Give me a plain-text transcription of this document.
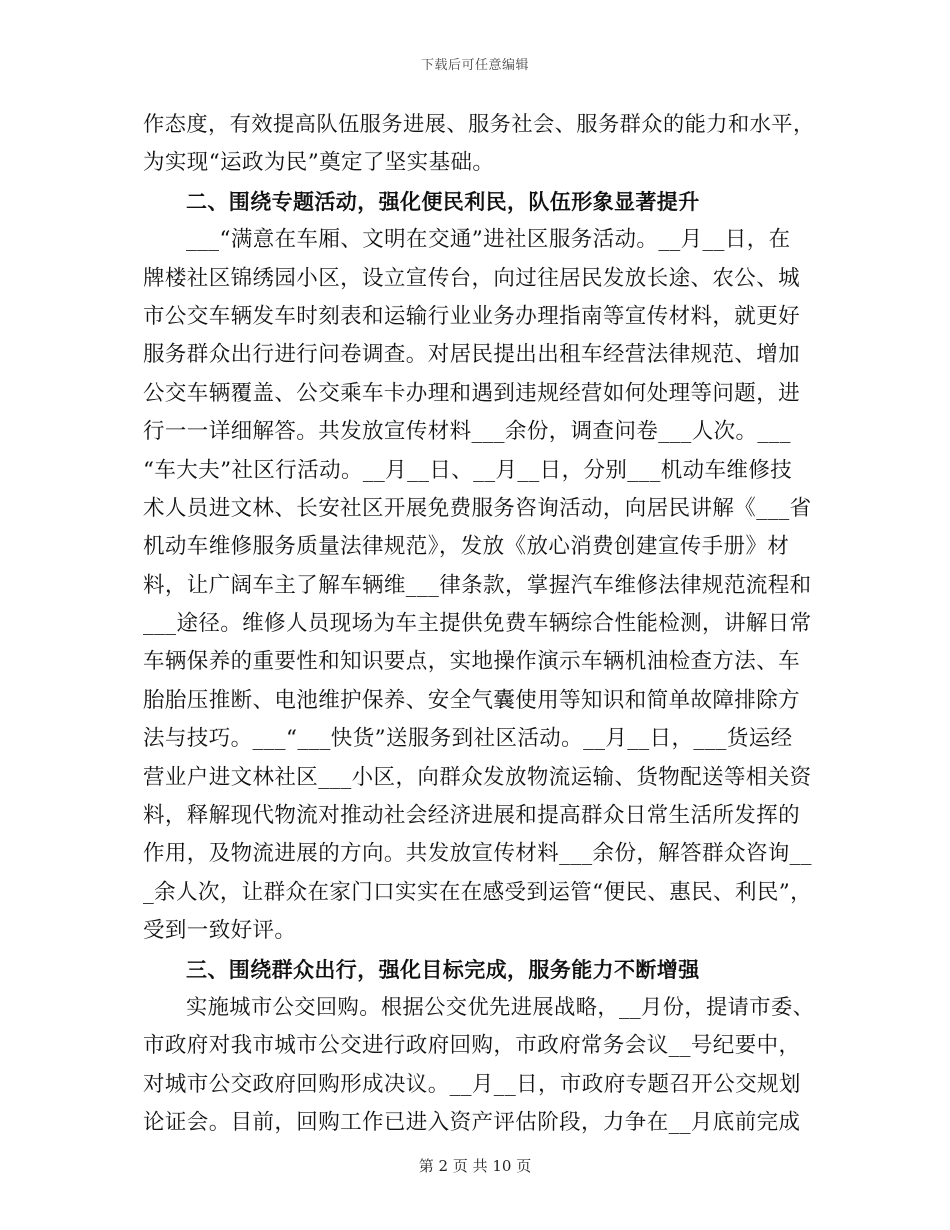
下载后可任意编辑
作态度，有效提高队伍服务进展、服务社会、服务群众的能力和水平，
为实现“运政为民”奠定了坚实基础。
二、围绕专题活动，强化便民利民，队伍形象显著提升
___“满意在车厢、文明在交通”进社区服务活动。__月__日，在
牌楼社区锦绣园小区，设立宣传台，向过往居民发放长途、农公、城
市公交车辆发车时刻表和运输行业业务办理指南等宣传材料，就更好
服务群众出行进行问卷调查。对居民提出出租车经营法律规范、增加
公交车辆覆盖、公交乘车卡办理和遇到违规经营如何处理等问题，进
行一一详细解答。共发放宣传材料___余份，调查问卷___人次。___
“车大夫”社区行活动。__月__日、__月__日，分别___机动车维修技
术人员进文林、长安社区开展免费服务咨询活动，向居民讲解《___省
机动车维修服务质量法律规范》，发放《放心消费创建宣传手册》材
料，让广阔车主了解车辆维___律条款，掌握汽车维修法律规范流程和
___途径。维修人员现场为车主提供免费车辆综合性能检测，讲解日常
车辆保养的重要性和知识要点，实地操作演示车辆机油检查方法、车
胎胎压推断、电池维护保养、安全气囊使用等知识和简单故障排除方
法与技巧。___“___快货”送服务到社区活动。__月__日，___货运经
营业户进文林社区___小区，向群众发放物流运输、货物配送等相关资
料，释解现代物流对推动社会经济进展和提高群众日常生活所发挥的
作用，及物流进展的方向。共发放宣传材料___余份，解答群众咨询__
_余人次，让群众在家门口实实在在感受到运管“便民、惠民、利民”，
受到一致好评。
三、围绕群众出行，强化目标完成，服务能力不断增强
实施城市公交回购。根据公交优先进展战略，__月份，提请市委、
市政府对我市城市公交进行政府回购，市政府常务会议__号纪要中，
对城市公交政府回购形成决议。__月__日，市政府专题召开公交规划
论证会。目前，回购工作已进入资产评估阶段，力争在__月底前完成
第 2 页 共 10 页
